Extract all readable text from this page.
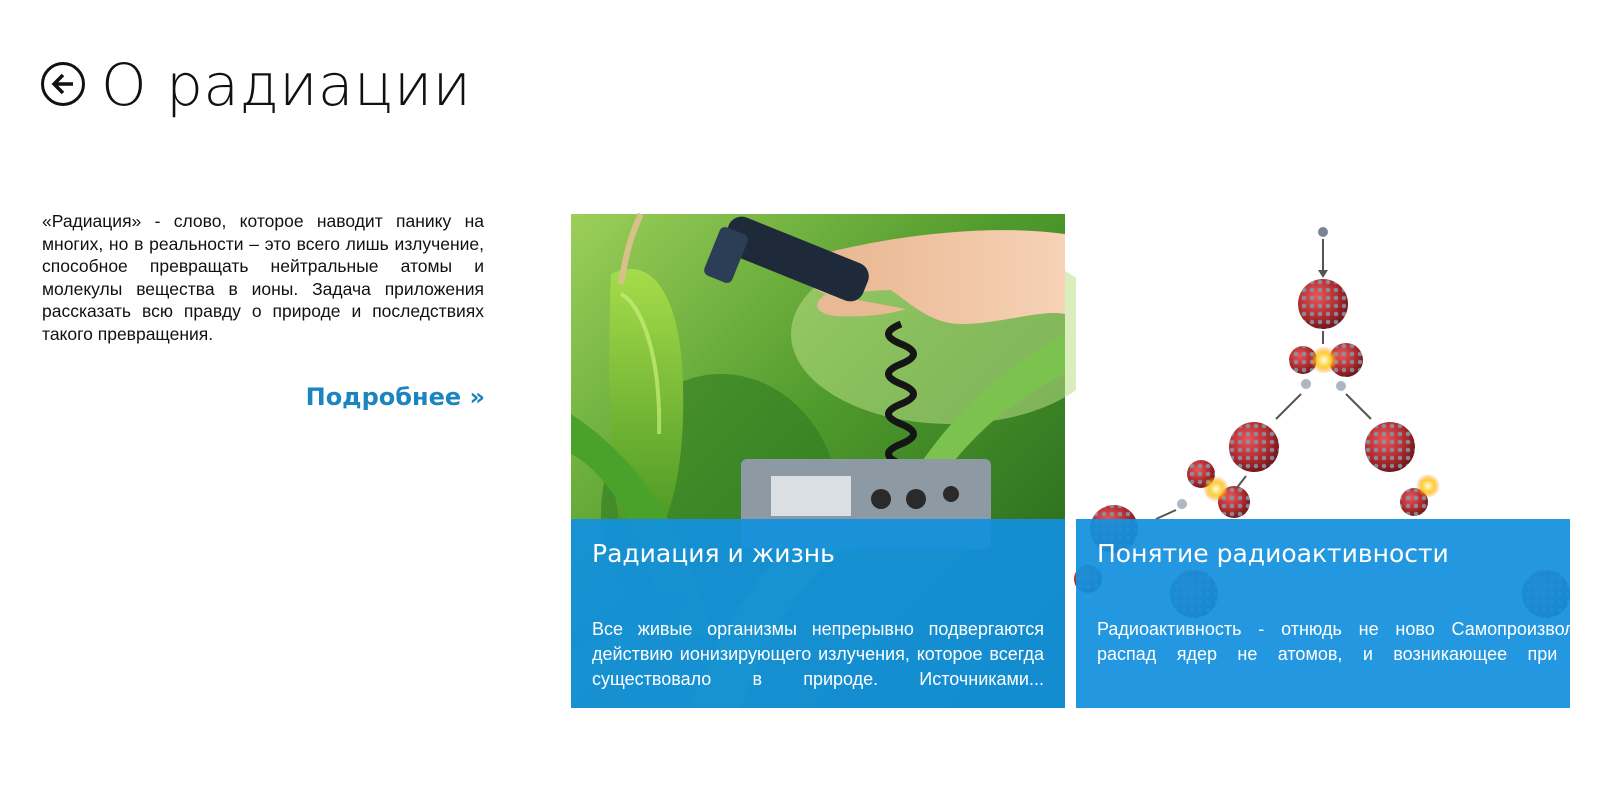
О радиации

«Радиация» - слово, которое наводит панику на многих, но в реальности – это всего лишь излучение, способное превращать нейтральные атомы и молекулы вещества в ионы. Задача приложения рассказать всю правду о природе и последствиях такого превращения.

Подробнее »
Радиация и жизнь

Все живые организмы непрерывно подвергаются действию ионизирующего излучения, которое всегда существовало в природе. Источниками...

Понятие радиоактивности

Радиоактивность - отнюдь не ново Самопроизвольный распад ядер не атомов, и возникающее при этом
